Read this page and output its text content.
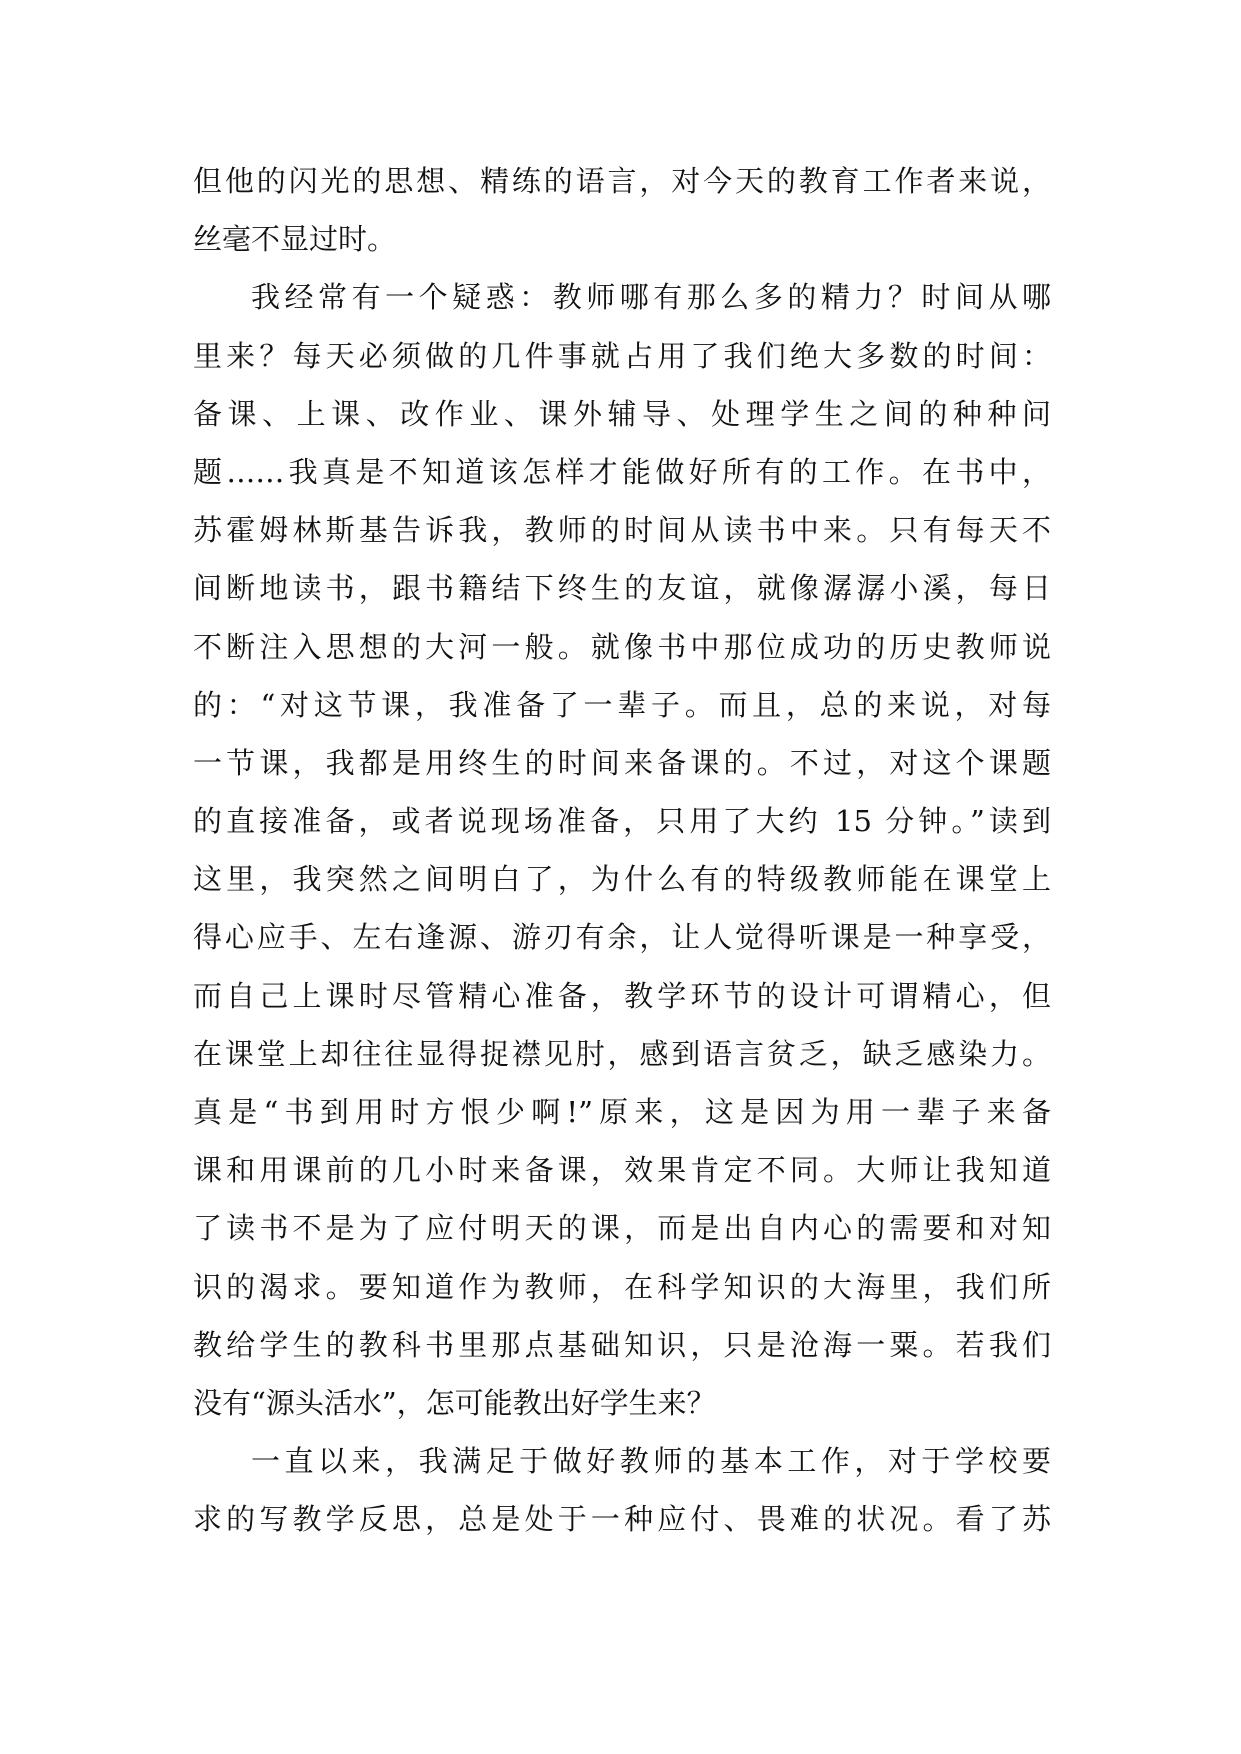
但他的闪光的思想、精练的语言，对今天的教育工作者来说，
丝毫不显过时。
我经常有一个疑惑：教师哪有那么多的精力？时间从哪
里来？每天必须做的几件事就占用了我们绝大多数的时间：
备课、上课、改作业、课外辅导、处理学生之间的种种问
题……我真是不知道该怎样才能做好所有的工作。在书中，
苏霍姆林斯基告诉我，教师的时间从读书中来。只有每天不
间断地读书，跟书籍结下终生的友谊，就像潺潺小溪，每日
不断注入思想的大河一般。就像书中那位成功的历史教师说
的：“对这节课，我准备了一辈子。而且，总的来说，对每
一节课，我都是用终生的时间来备课的。不过，对这个课题
的直接准备，或者说现场准备，只用了大约 15 分钟。”读到
这里，我突然之间明白了，为什么有的特级教师能在课堂上
得心应手、左右逢源、游刃有余，让人觉得听课是一种享受，
而自己上课时尽管精心准备，教学环节的设计可谓精心，但
在课堂上却往往显得捉襟见肘，感到语言贫乏，缺乏感染力。
真是“书到用时方恨少啊!”原来，这是因为用一辈子来备
课和用课前的几小时来备课，效果肯定不同。大师让我知道
了读书不是为了应付明天的课，而是出自内心的需要和对知
识的渴求。要知道作为教师，在科学知识的大海里，我们所
教给学生的教科书里那点基础知识，只是沧海一粟。若我们
没有“源头活水”，怎可能教出好学生来？
一直以来，我满足于做好教师的基本工作，对于学校要
求的写教学反思，总是处于一种应付、畏难的状况。看了苏
